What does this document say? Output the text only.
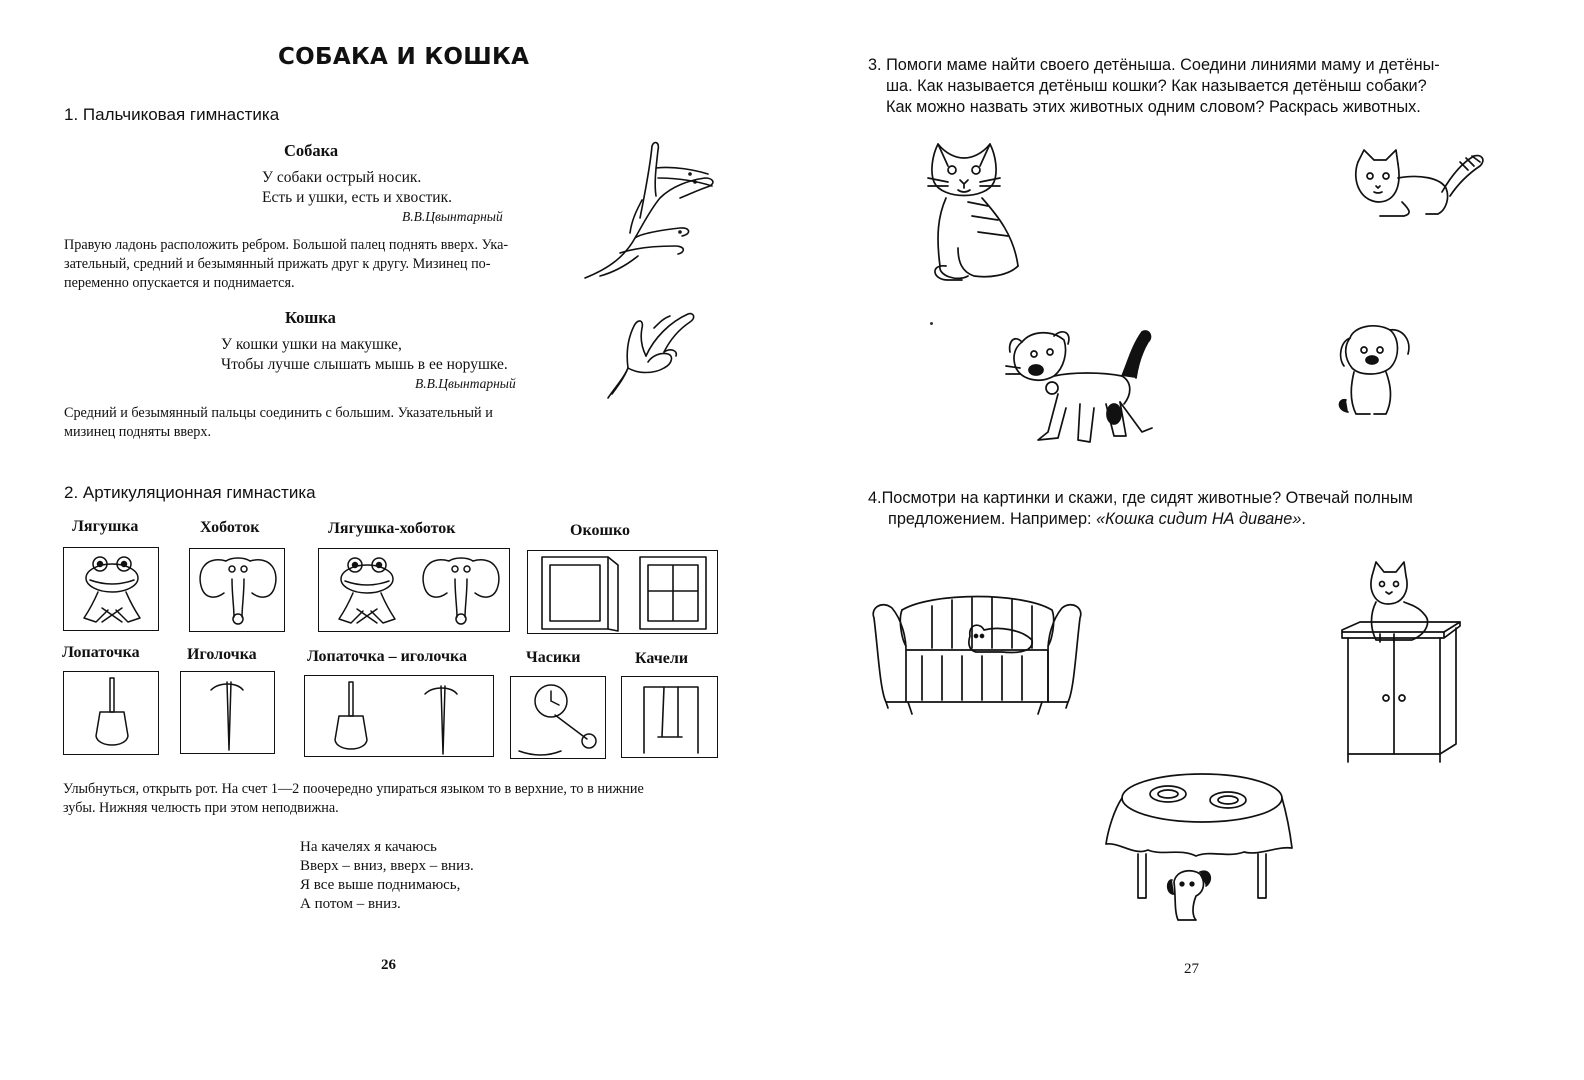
СОБАКА И КОШКА
1. Пальчиковая гимнастика
Собака
У собаки острый носик.
Есть и ушки, есть и хвостик.
В.В.Цвынтарный
Правую ладонь расположить ребром. Большой палец поднять вверх. Ука-
зательный, средний и безымянный прижать друг к другу. Мизинец по-
переменно опускается и поднимается.
Кошка
У кошки ушки на макушке,
Чтобы лучше слышать мышь в ее норушке.
В.В.Цвынтарный
Средний и безымянный пальцы соединить с большим. Указательный и
мизинец подняты вверх.
2. Артикуляционная гимнастика
Лягушка	Хоботок	Лягушка-хоботок	Окошко
Лопаточка	Иголочка	Лопаточка – иголочка	Часики	Качели
Улыбнуться, открыть рот. На счет 1—2 поочередно упираться языком то в верхние, то в нижние
зубы. Нижняя челюсть при этом неподвижна.
На качелях я качаюсь
Вверх – вниз, вверх – вниз.
Я все выше поднимаюсь,
А потом – вниз.
26
3. Помоги маме найти своего детёныша. Соедини линиями маму и детёны-
ша. Как называется детёныш кошки? Как называется детёныш собаки?
Как можно назвать этих животных одним словом? Раскрась животных.
4.Посмотри на картинки и скажи, где сидят животные? Отвечай полным
предложением. Например: «Кошка сидит НА диване».
27
